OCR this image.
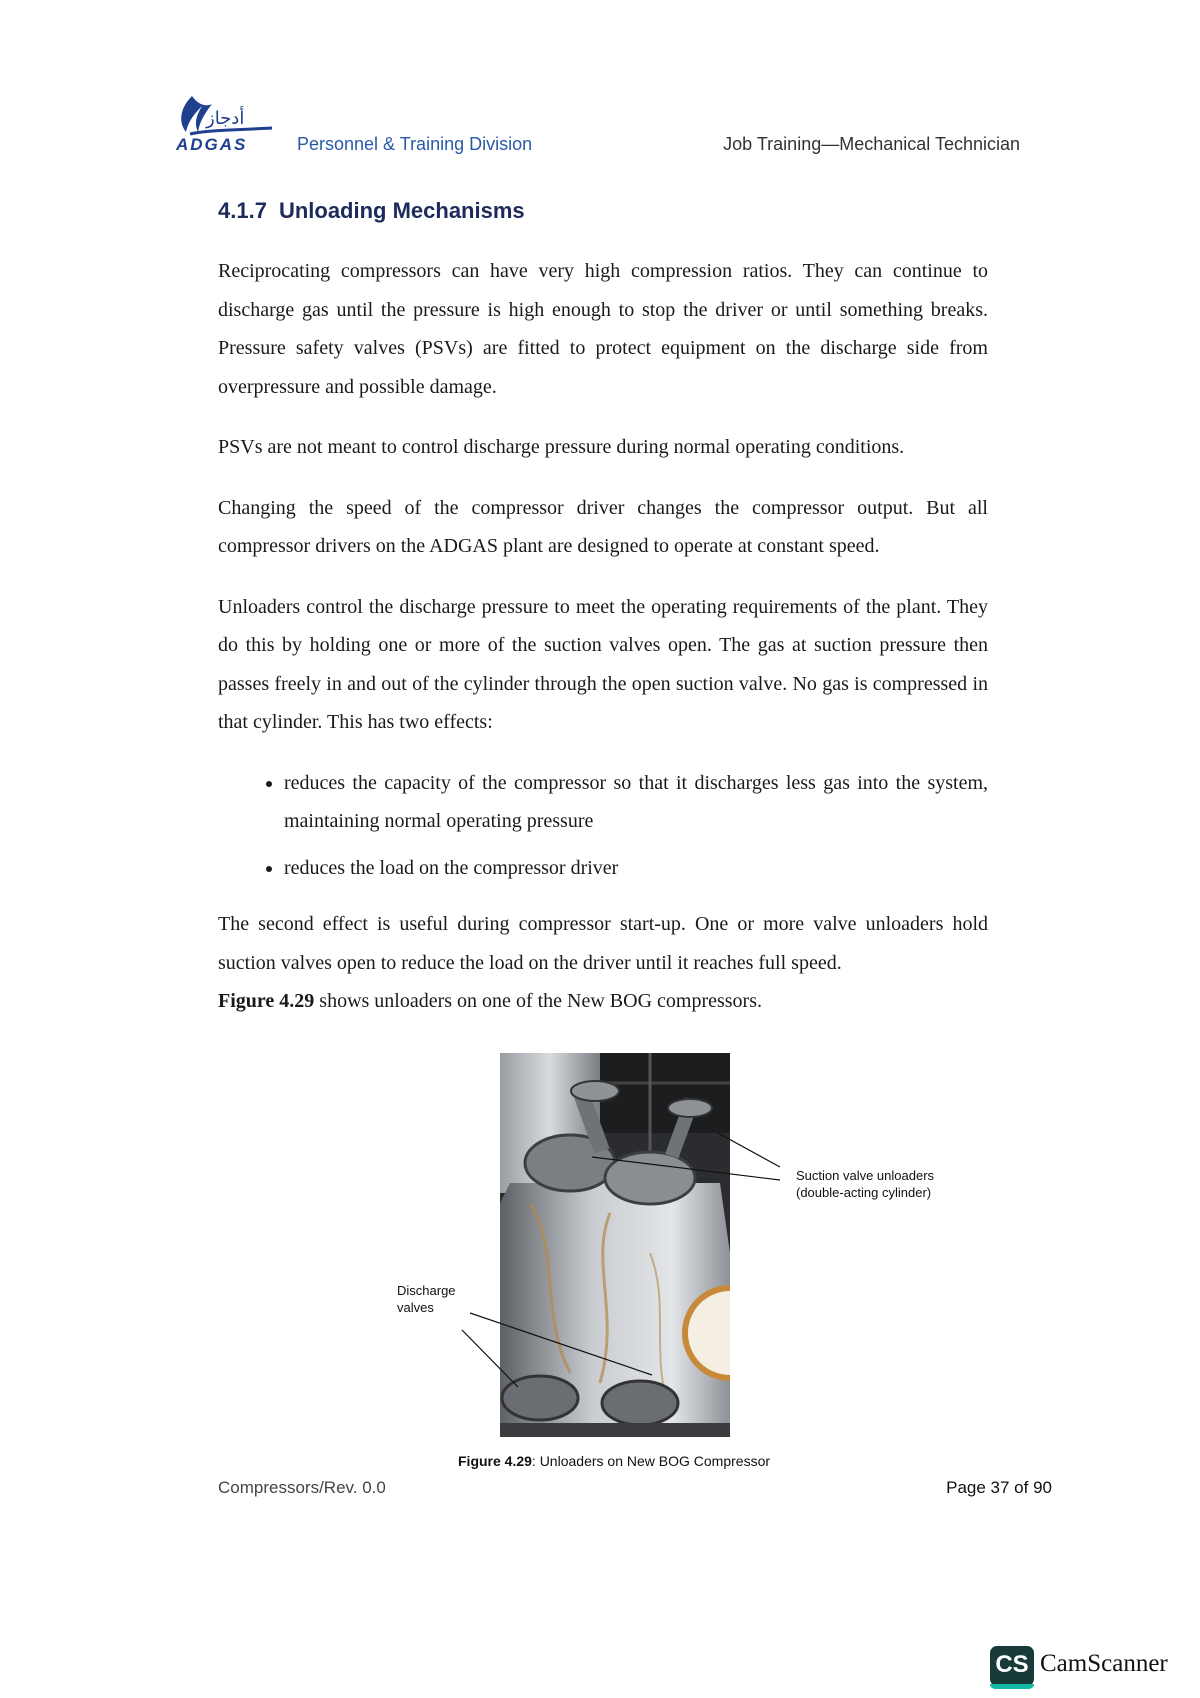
أدجاز
ADGAS	Personnel & Training Division	Job Training—Mechanical Technician
4.1.7 Unloading Mechanisms

Reciprocating compressors can have very high compression ratios. They can continue to discharge gas until the pressure is high enough to stop the driver or until something breaks. Pressure safety valves (PSVs) are fitted to protect equipment on the discharge side from overpressure and possible damage.

PSVs are not meant to control discharge pressure during normal operating conditions.

Changing the speed of the compressor driver changes the compressor output. But all compressor drivers on the ADGAS plant are designed to operate at constant speed.

Unloaders control the discharge pressure to meet the operating requirements of the plant. They do this by holding one or more of the suction valves open. The gas at suction pressure then passes freely in and out of the cylinder through the open suction valve. No gas is compressed in that cylinder. This has two effects:

• reduces the capacity of the compressor so that it discharges less gas into the system, maintaining normal operating pressure
• reduces the load on the compressor driver

The second effect is useful during compressor start-up. One or more valve unloaders hold suction valves open to reduce the load on the driver until it reaches full speed.
Figure 4.29 shows unloaders on one of the New BOG compressors.

Suction valve unloaders
(double-acting cylinder)
Discharge
valves
Figure 4.29: Unloaders on New BOG Compressor
Compressors/Rev. 0.0	Page 37 of 90
CS CamScanner
